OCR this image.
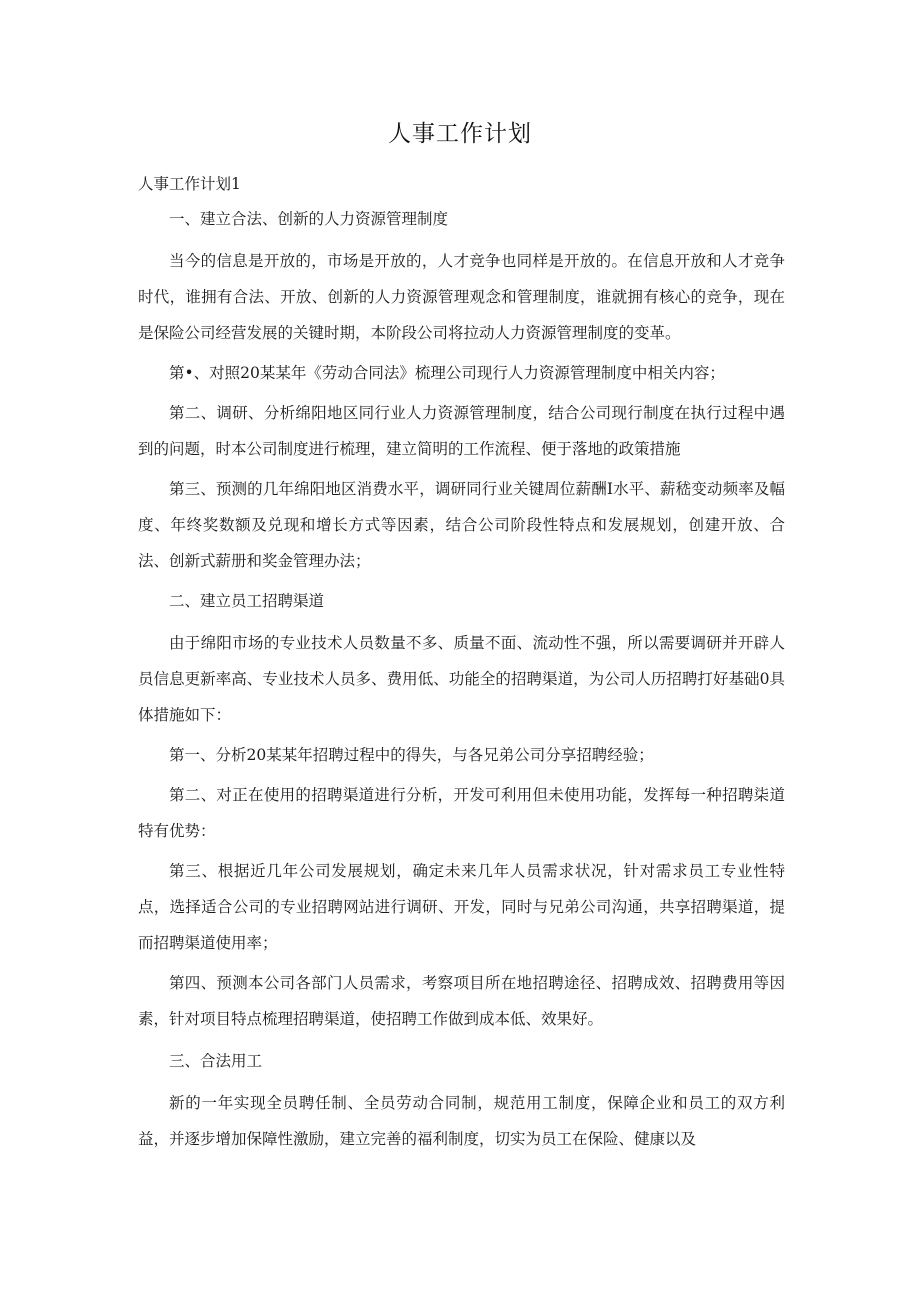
人事工作计划
人事工作计划1

一、建立合法、创新的人力资源管理制度

当今的信息是开放的，市场是开放的，人才竞争也同样是开放的。在信息开放和人才竞争时代，谁拥有合法、开放、创新的人力资源管理观念和管理制度，谁就拥有核心的竞争，现在是保险公司经营发展的关键时期，本阶段公司将拉动人力资源管理制度的变革。

第•、对照20某某年《劳动合同法》梳理公司现行人力资源管理制度中相关内容；

第二、调研、分析绵阳地区同行业人力资源管理制度，结合公司现行制度在执行过程中遇到的问题，时本公司制度进行梳理，建立简明的工作流程、便于落地的政策措施

第三、预测的几年绵阳地区消费水平，调研同行业关键周位薪酬I水平、薪嵇变动频率及幅度、年终奖数额及兑现和增长方式等因素，结合公司阶段性特点和发展规划，创建开放、合法、创新式薪册和奖金管理办法；

二、建立员工招聘渠道

由于绵阳市场的专业技术人员数量不多、质量不面、流动性不强，所以需要调研并开辟人员信息更新率高、专业技术人员多、费用低、功能全的招聘渠道，为公司人历招聘打好基础0具体措施如下：

第一、分析20某某年招聘过程中的得失，与各兄弟公司分享招聘经验；

第二、对正在使用的招聘渠道进行分析，开发可利用但未使用功能，发挥每一种招聘柒道特有优势：

第三、根据近几年公司发展规划，确定未来几年人员需求状况，针对需求员工专业性特点，选择适合公司的专业招聘网站进行调研、开发，同时与兄弟公司沟通，共享招聘渠道，提而招聘渠道使用率；

第四、预测本公司各部门人员需求，考察项目所在地招聘途径、招聘成效、招聘费用等因素，针对项目特点梳理招聘渠道，使招聘工作做到成本低、效果好。

三、合法用工

新的一年实现全员聘任制、全员劳动合同制，规范用工制度，保障企业和员工的双方利益，并逐步增加保障性激励，建立完善的福利制度，切实为员工在保险、健康以及
